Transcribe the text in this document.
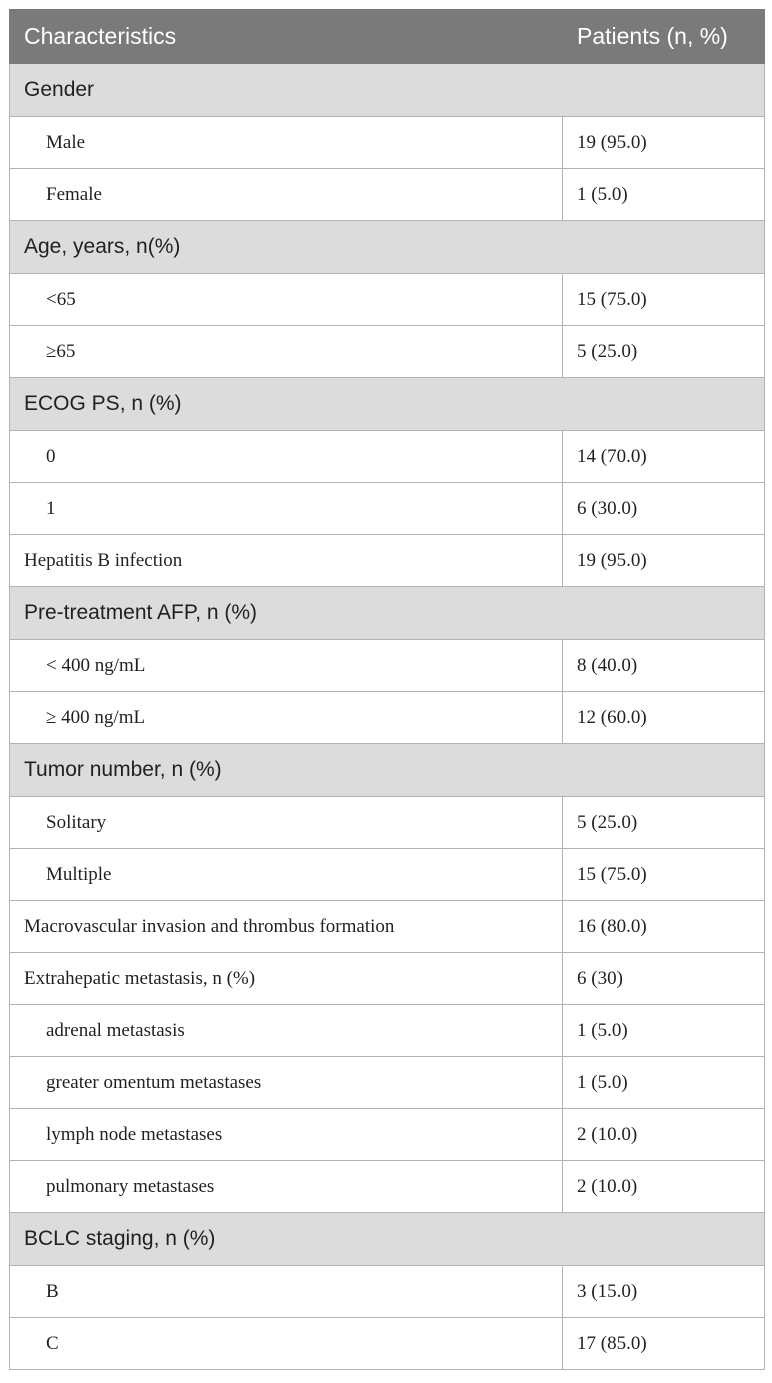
Characteristics	Patients (n, %)
Gender	
Male	19 (95.0)
Female	1 (5.0)
Age, years, n(%)	
<65	15 (75.0)
≥65	5 (25.0)
ECOG PS, n (%)	
0	14 (70.0)
1	6 (30.0)
Hepatitis B infection	19 (95.0)
Pre-treatment AFP, n (%)	
< 400 ng/mL	8 (40.0)
≥ 400 ng/mL	12 (60.0)
Tumor number, n (%)	
Solitary	5 (25.0)
Multiple	15 (75.0)
Macrovascular invasion and thrombus formation	16 (80.0)
Extrahepatic metastasis, n (%)	6 (30)
adrenal metastasis	1 (5.0)
greater omentum metastases	1 (5.0)
lymph node metastases	2 (10.0)
pulmonary metastases	2 (10.0)
BCLC staging, n (%)	
B	3 (15.0)
C	17 (85.0)
